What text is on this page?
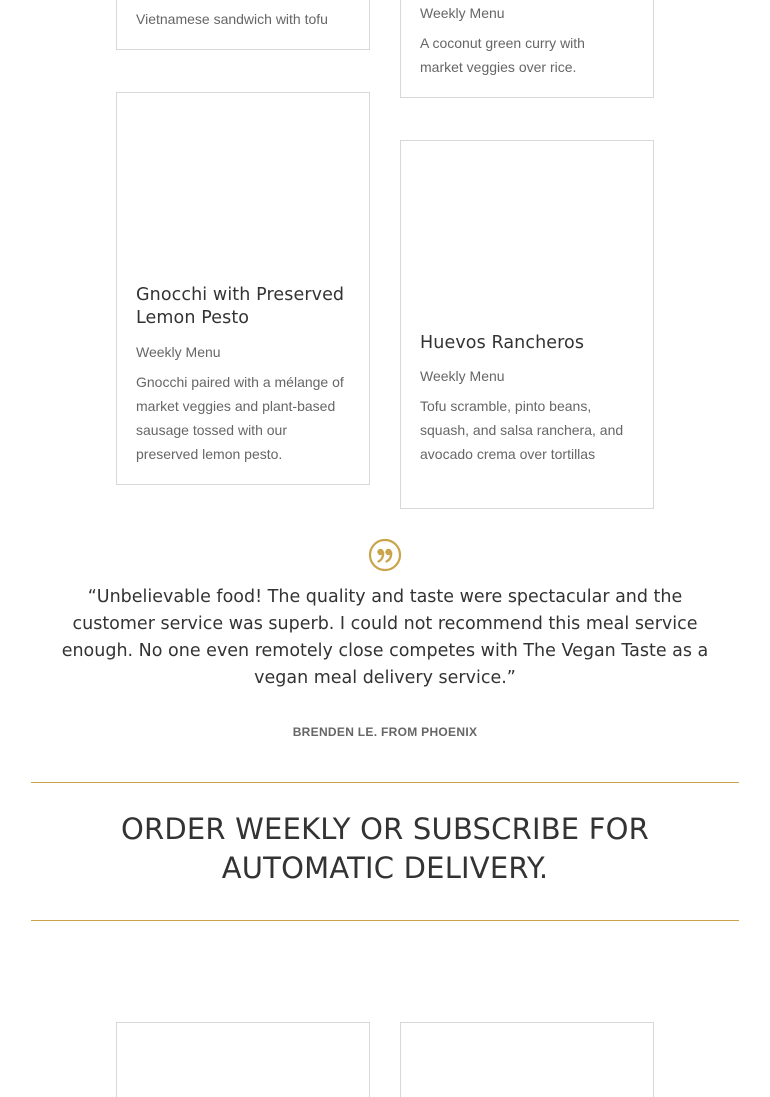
Vietnamese sandwich with tofu	Weekly Menu
A coconut green curry with market veggies over rice.
Gnocchi with Preserved Lemon Pesto
Weekly Menu
Gnocchi paired with a mélange of market veggies and plant-based sausage tossed with our preserved lemon pesto.
Huevos Rancheros
Weekly Menu
Tofu scramble, pinto beans, squash, and salsa ranchera, and avocado crema over tortillas
“Unbelievable food! The quality and taste were spectacular and the customer service was superb. I could not recommend this meal service enough. No one even remotely close competes with The Vegan Taste as a vegan meal delivery service.”
BRENDEN LE. FROM PHOENIX
ORDER WEEKLY OR SUBSCRIBE FOR AUTOMATIC DELIVERY.
